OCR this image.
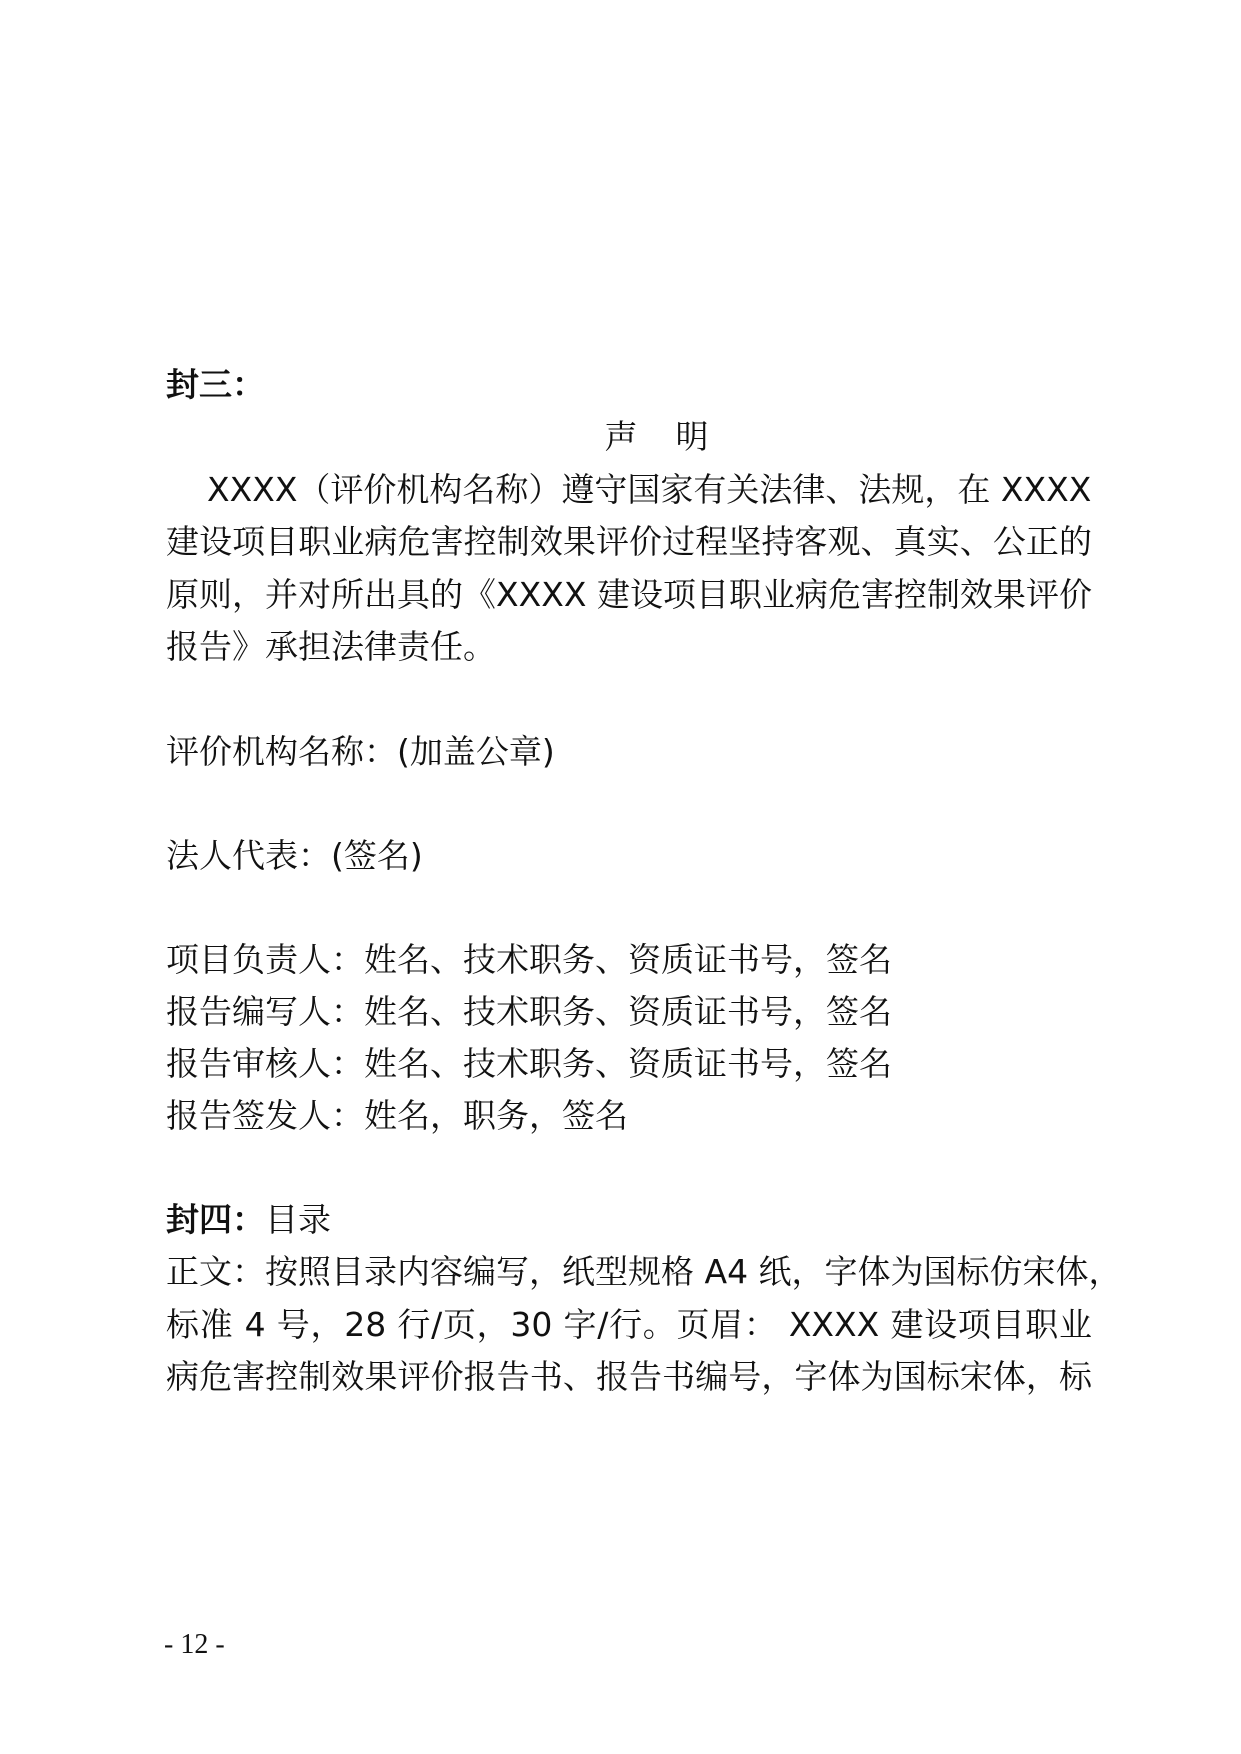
封三：
声 明
XXXX（评价机构名称）遵守国家有关法律、法规，在 XXXX
建设项目职业病危害控制效果评价过程坚持客观、真实、公正的
原则，并对所出具的《XXXX 建设项目职业病危害控制效果评价
报告》承担法律责任。
评价机构名称：(加盖公章)
法人代表：(签名)
项目负责人：姓名、技术职务、资质证书号，签名
报告编写人：姓名、技术职务、资质证书号，签名
报告审核人：姓名、技术职务、资质证书号，签名
报告签发人：姓名，职务，签名
封四：目录
正文：按照目录内容编写，纸型规格 A4 纸，字体为国标仿宋体，
标准 4 号，28 行/页，30 字/行。页眉： XXXX 建设项目职业
病危害控制效果评价报告书、报告书编号，字体为国标宋体，标
- 12 -
